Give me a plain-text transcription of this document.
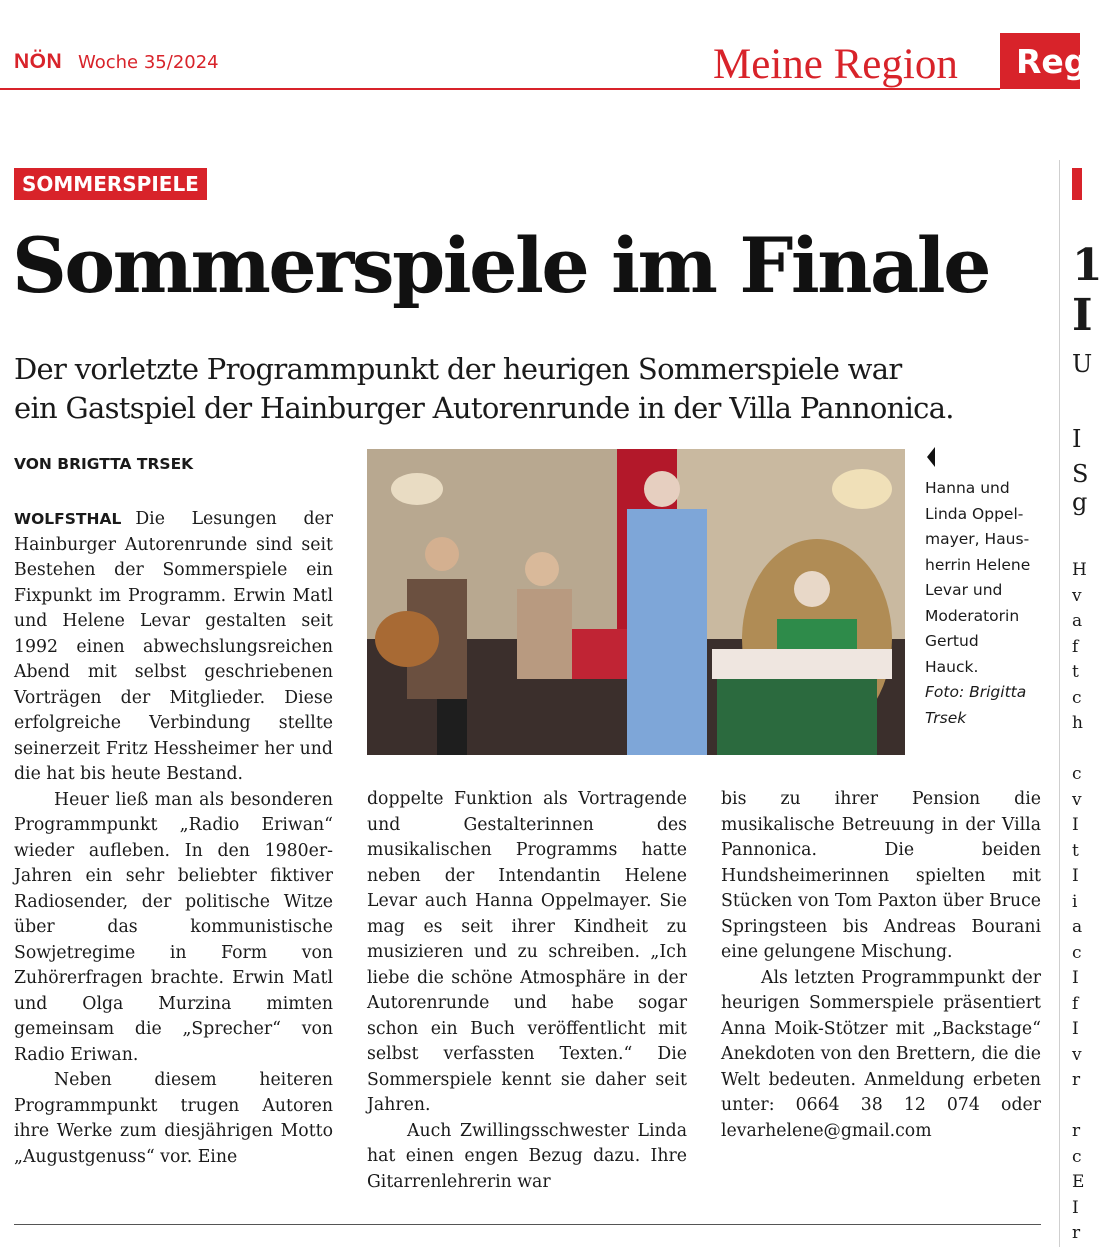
NÖN Woche 35/2024	Meine Region Reg
SOMMERSPIELE
Sommerspiele im Finale
Der vorletzte Programmpunkt der heurigen Sommerspiele war
ein Gastspiel der Hainburger Autorenrunde in der Villa Pannonica.
VON BRIGTTA TRSEK

WOLFSTHAL Die Lesungen der Hainburger Autorenrunde sind seit Bestehen der Sommerspiele ein Fixpunkt im Programm. Erwin Matl und Helene Levar gestalten seit 1992 einen abwechslungsreichen Abend mit selbst geschriebenen Vorträgen der Mitglieder. Diese erfolgreiche Verbindung stellte seinerzeit Fritz Hessheimer her und die hat bis heute Bestand.

Heuer ließ man als besonderen Programmpunkt „Radio Eriwan“ wieder aufleben. In den 1980er-Jahren ein sehr beliebter fiktiver Radiosender, der politische Witze über das kommunistische Sowjetregime in Form von Zuhörerfragen brachte. Erwin Matl und Olga Murzina mimten gemeinsam die „Sprecher“ von Radio Eriwan.

Neben diesem heiteren Programmpunkt trugen Autoren ihre Werke zum diesjährigen Motto „Augustgenuss“ vor. Eine

Hanna und
Linda Oppel-
mayer, Haus-
herrin Helene
Levar und
Moderatorin
Gertud
Hauck.
Foto: Brigitta
Trsek

doppelte Funktion als Vortragende und Gestalterinnen des musikalischen Programms hatte neben der Intendantin Helene Levar auch Hanna Oppelmayer. Sie mag es seit ihrer Kindheit zu musizieren und zu schreiben. „Ich liebe die schöne Atmosphäre in der Autorenrunde und habe sogar schon ein Buch veröffentlicht mit selbst verfassten Texten.“ Die Sommerspiele kennt sie daher seit Jahren.

Auch Zwillingsschwester Linda hat einen engen Bezug dazu. Ihre Gitarrenlehrerin war

bis zu ihrer Pension die musikalische Betreuung in der Villa Pannonica. Die beiden Hundsheimerinnen spielten mit Stücken von Tom Paxton über Bruce Springsteen bis Andreas Bourani eine gelungene Mischung.

Als letzten Programmpunkt der heurigen Sommerspiele präsentiert Anna Moik-Stötzer mit „Backstage“ Anekdoten von den Brettern, die die Welt bedeuten. Anmeldung erbeten unter: 0664 38 12 074 oder levarhelene@gmail.com

1
I
U
I
S
g
H
v
a
f
t
c
h
c
v
I
t
I
i
a
c
I
f
I
v
r
r
c
E
I
r
